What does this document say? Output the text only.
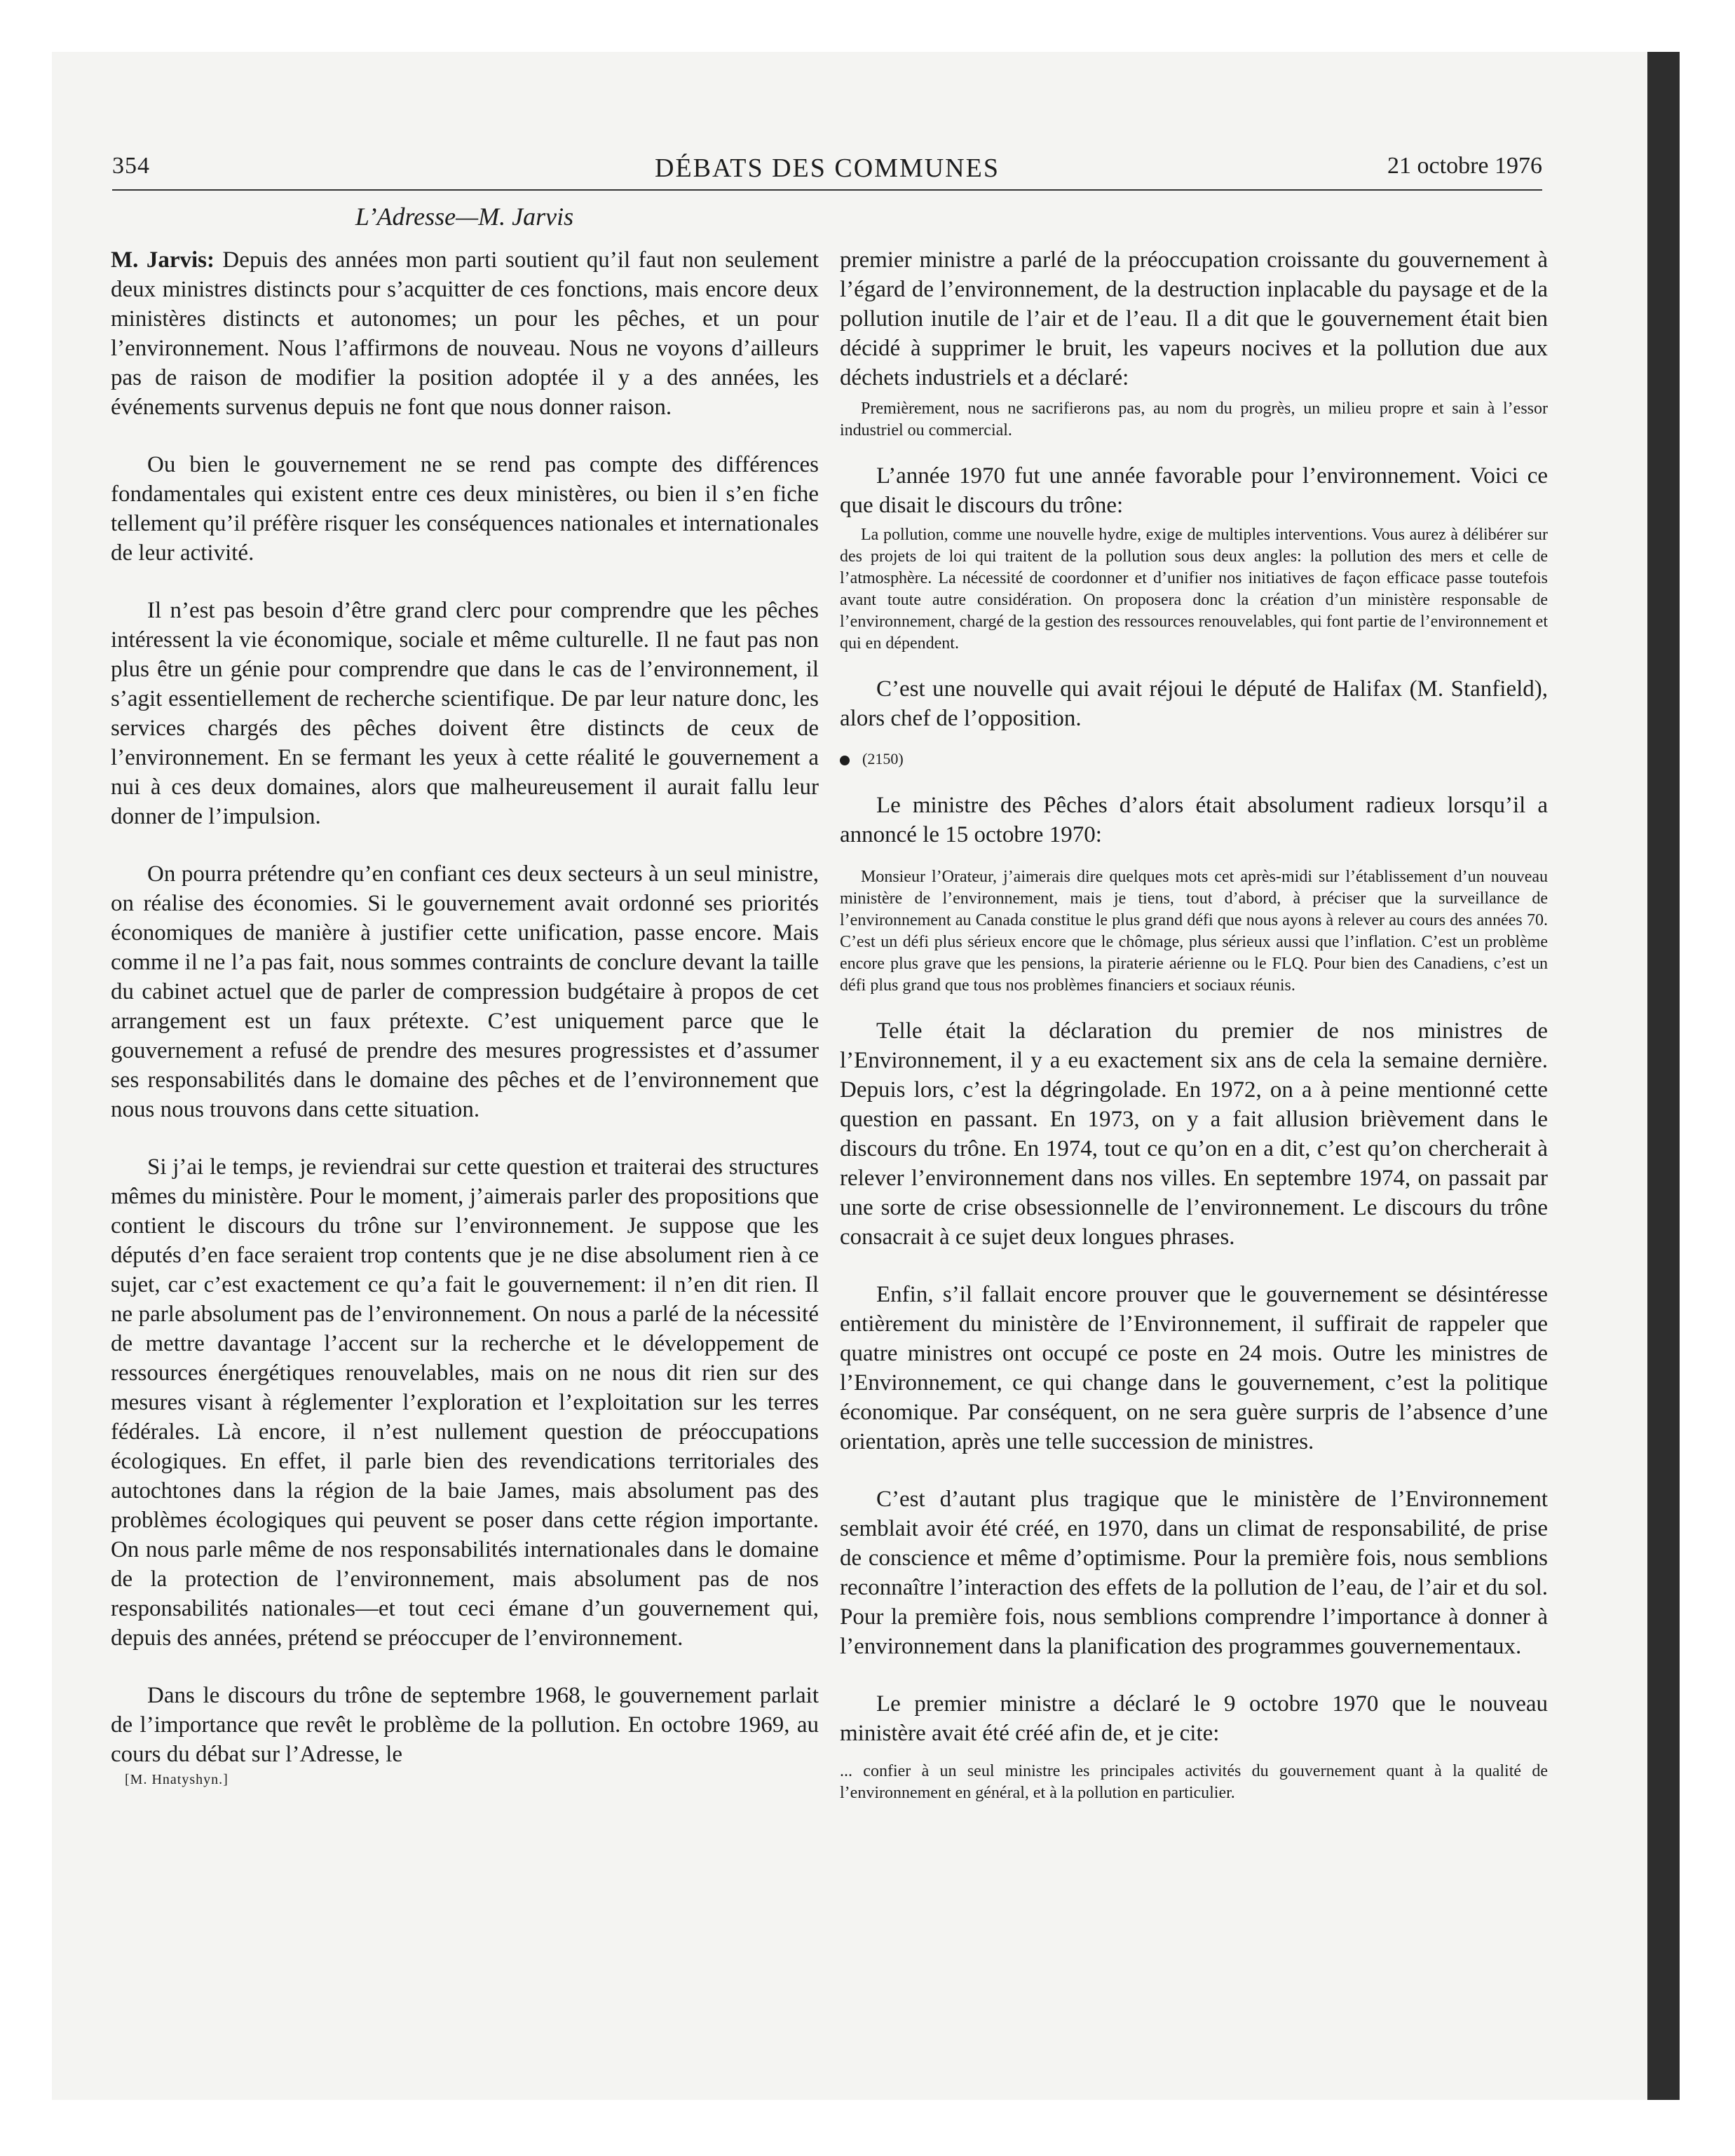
354	DÉBATS DES COMMUNES	21 octobre 1976
L’Adresse—M. Jarvis

M. Jarvis: Depuis des années mon parti soutient qu’il faut non seulement deux ministres distincts pour s’acquitter de ces fonctions, mais encore deux ministères distincts et autonomes; un pour les pêches, et un pour l’environnement. Nous l’affirmons de nouveau. Nous ne voyons d’ailleurs pas de raison de modifier la position adoptée il y a des années, les événements survenus depuis ne font que nous donner raison.

Ou bien le gouvernement ne se rend pas compte des différences fondamentales qui existent entre ces deux ministères, ou bien il s’en fiche tellement qu’il préfère risquer les conséquences nationales et internationales de leur activité.

Il n’est pas besoin d’être grand clerc pour comprendre que les pêches intéressent la vie économique, sociale et même culturelle. Il ne faut pas non plus être un génie pour comprendre que dans le cas de l’environnement, il s’agit essentiellement de recherche scientifique. De par leur nature donc, les services chargés des pêches doivent être distincts de ceux de l’environnement. En se fermant les yeux à cette réalité le gouvernement a nui à ces deux domaines, alors que malheureusement il aurait fallu leur donner de l’impulsion.

On pourra prétendre qu’en confiant ces deux secteurs à un seul ministre, on réalise des économies. Si le gouvernement avait ordonné ses priorités économiques de manière à justifier cette unification, passe encore. Mais comme il ne l’a pas fait, nous sommes contraints de conclure devant la taille du cabinet actuel que de parler de compression budgétaire à propos de cet arrangement est un faux prétexte. C’est uniquement parce que le gouvernement a refusé de prendre des mesures progressistes et d’assumer ses responsabilités dans le domaine des pêches et de l’environnement que nous nous trouvons dans cette situation.

Si j’ai le temps, je reviendrai sur cette question et traiterai des structures mêmes du ministère. Pour le moment, j’aimerais parler des propositions que contient le discours du trône sur l’environnement. Je suppose que les députés d’en face seraient trop contents que je ne dise absolument rien à ce sujet, car c’est exactement ce qu’a fait le gouvernement: il n’en dit rien. Il ne parle absolument pas de l’environnement. On nous a parlé de la nécessité de mettre davantage l’accent sur la recherche et le développement de ressources énergétiques renouvelables, mais on ne nous dit rien sur des mesures visant à réglementer l’exploration et l’exploitation sur les terres fédérales. Là encore, il n’est nullement question de préoccupations écologiques. En effet, il parle bien des revendications territoriales des autochtones dans la région de la baie James, mais absolument pas des problèmes écologiques qui peuvent se poser dans cette région importante. On nous parle même de nos responsabilités internationales dans le domaine de la protection de l’environnement, mais absolument pas de nos responsabilités nationales—et tout ceci émane d’un gouvernement qui, depuis des années, prétend se préoccuper de l’environnement.

Dans le discours du trône de septembre 1968, le gouvernement parlait de l’importance que revêt le problème de la pollution. En octobre 1969, au cours du débat sur l’Adresse, le

[M. Hnatyshyn.]

premier ministre a parlé de la préoccupation croissante du gouvernement à l’égard de l’environnement, de la destruction inplacable du paysage et de la pollution inutile de l’air et de l’eau. Il a dit que le gouvernement était bien décidé à supprimer le bruit, les vapeurs nocives et la pollution due aux déchets industriels et a déclaré:

Premièrement, nous ne sacrifierons pas, au nom du progrès, un milieu propre et sain à l’essor industriel ou commercial.

L’année 1970 fut une année favorable pour l’environnement. Voici ce que disait le discours du trône:

La pollution, comme une nouvelle hydre, exige de multiples interventions. Vous aurez à délibérer sur des projets de loi qui traitent de la pollution sous deux angles: la pollution des mers et celle de l’atmosphère. La nécessité de coordonner et d’unifier nos initiatives de façon efficace passe toutefois avant toute autre considération. On proposera donc la création d’un ministère responsable de l’environnement, chargé de la gestion des ressources renouvelables, qui font partie de l’environnement et qui en dépendent.

C’est une nouvelle qui avait réjoui le député de Halifax (M. Stanfield), alors chef de l’opposition.

(2150)

Le ministre des Pêches d’alors était absolument radieux lorsqu’il a annoncé le 15 octobre 1970:

Monsieur l’Orateur, j’aimerais dire quelques mots cet après-midi sur l’établissement d’un nouveau ministère de l’environnement, mais je tiens, tout d’abord, à préciser que la surveillance de l’environnement au Canada constitue le plus grand défi que nous ayons à relever au cours des années 70. C’est un défi plus sérieux encore que le chômage, plus sérieux aussi que l’inflation. C’est un problème encore plus grave que les pensions, la piraterie aérienne ou le FLQ. Pour bien des Canadiens, c’est un défi plus grand que tous nos problèmes financiers et sociaux réunis.

Telle était la déclaration du premier de nos ministres de l’Environnement, il y a eu exactement six ans de cela la semaine dernière. Depuis lors, c’est la dégringolade. En 1972, on a à peine mentionné cette question en passant. En 1973, on y a fait allusion brièvement dans le discours du trône. En 1974, tout ce qu’on en a dit, c’est qu’on chercherait à relever l’environnement dans nos villes. En septembre 1974, on passait par une sorte de crise obsessionnelle de l’environnement. Le discours du trône consacrait à ce sujet deux longues phrases.

Enfin, s’il fallait encore prouver que le gouvernement se désintéresse entièrement du ministère de l’Environnement, il suffirait de rappeler que quatre ministres ont occupé ce poste en 24 mois. Outre les ministres de l’Environnement, ce qui change dans le gouvernement, c’est la politique économique. Par conséquent, on ne sera guère surpris de l’absence d’une orientation, après une telle succession de ministres.

C’est d’autant plus tragique que le ministère de l’Environnement semblait avoir été créé, en 1970, dans un climat de responsabilité, de prise de conscience et même d’optimisme. Pour la première fois, nous semblions reconnaître l’interaction des effets de la pollution de l’eau, de l’air et du sol. Pour la première fois, nous semblions comprendre l’importance à donner à l’environnement dans la planification des programmes gouvernementaux.

Le premier ministre a déclaré le 9 octobre 1970 que le nouveau ministère avait été créé afin de, et je cite:

... confier à un seul ministre les principales activités du gouvernement quant à la qualité de l’environnement en général, et à la pollution en particulier.
